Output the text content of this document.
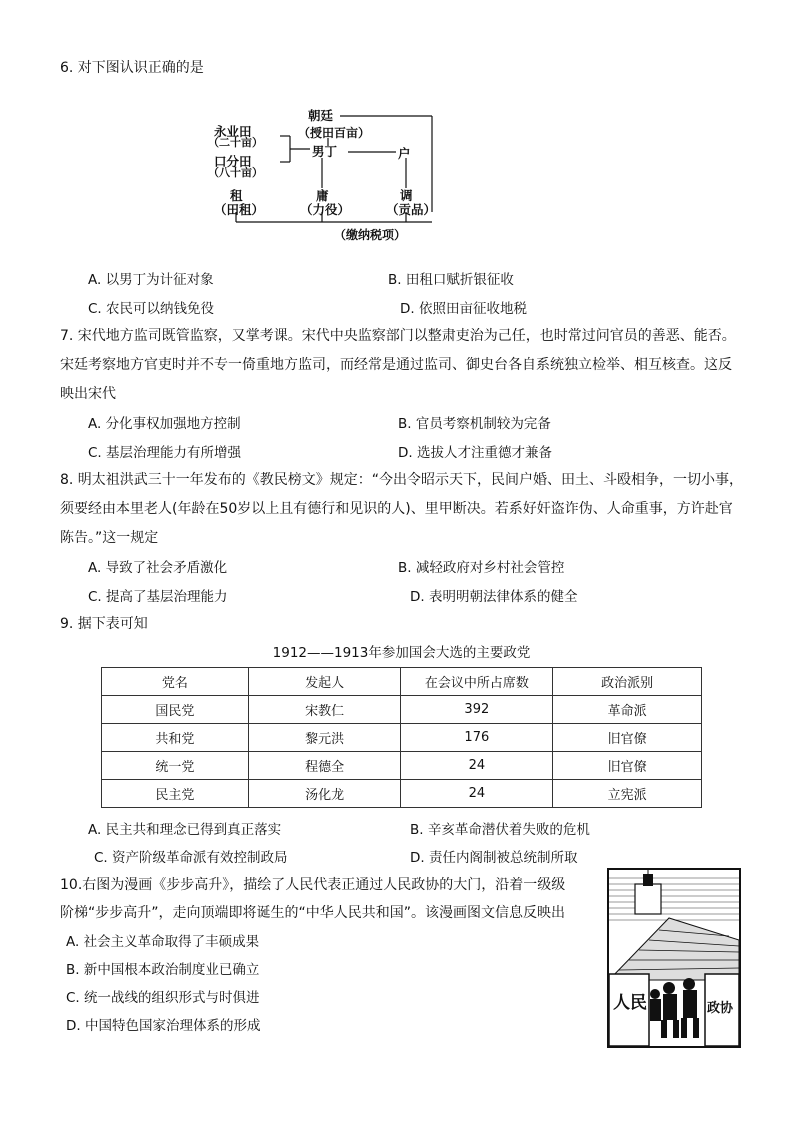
6. 对下图认识正确的是
朝廷
（授田百亩）
永业田
（二十亩）
口分田
（八十亩）
男丁	户
租
（田租）
庸
（力役）
调
（贡品）
（缴纳税项）
A. 以男丁为计征对象	B. 田租口赋折银征收
C. 农民可以纳钱免役	D. 依照田亩征收地税
7. 宋代地方监司既管监察，又掌考课。宋代中央监察部门以整肃吏治为己任，也时常过问官员的善恶、能否。
宋廷考察地方官吏时并不专一倚重地方监司，而经常是通过监司、御史台各自系统独立检举、相互核查。这反
映出宋代
A. 分化事权加强地方控制	B. 官员考察机制较为完备
C. 基层治理能力有所增强	D. 选拔人才注重德才兼备
8. 明太祖洪武三十一年发布的《教民榜文》规定：“今出令昭示天下，民间户婚、田土、斗殴相争，一切小事，
须要经由本里老人(年龄在50岁以上且有德行和见识的人)、里甲断决。若系好奸盗诈伪、人命重事，方许赴官
陈告。”这一规定
A. 导致了社会矛盾激化	B. 减轻政府对乡村社会管控
C. 提高了基层治理能力	D. 表明明朝法律体系的健全
9. 据下表可知
1912——1913年参加国会大选的主要政党
党名	发起人	在会议中所占席数	政治派别
国民党	宋教仁	392	革命派
共和党	黎元洪	176	旧官僚
统一党	程德全	24	旧官僚
民主党	汤化龙	24	立宪派
A. 民主共和理念已得到真正落实	B. 辛亥革命潜伏着失败的危机
C. 资产阶级革命派有效控制政局	D. 责任内阁制被总统制所取
10.右图为漫画《步步高升》，描绘了人民代表正通过人民政协的大门，沿着一级级
阶梯“步步高升”，走向顶端即将诞生的“中华人民共和国”。该漫画图文信息反映出
A. 社会主义革命取得了丰硕成果
B. 新中国根本政治制度业已确立
C. 统一战线的组织形式与时俱进
D. 中国特色国家治理体系的形成
人民	政协
